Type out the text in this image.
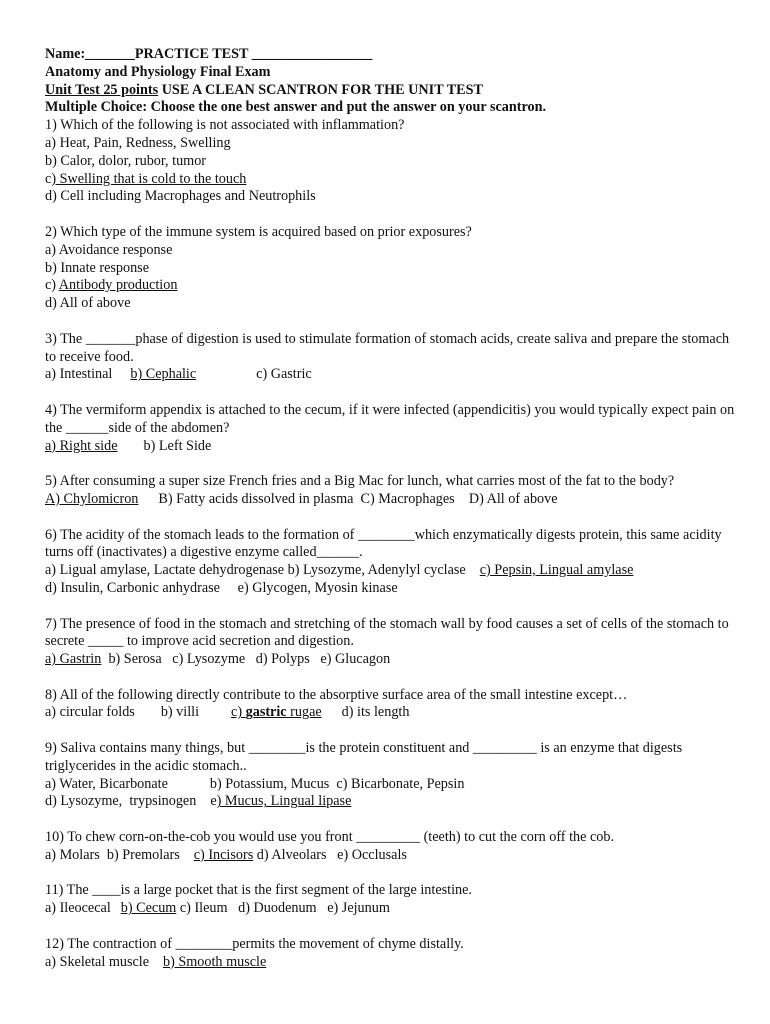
Name:_______PRACTICE TEST _________________
Anatomy and Physiology Final Exam
Unit Test 25 points USE A CLEAN SCANTRON FOR THE UNIT TEST
Multiple Choice: Choose the one best answer and put the answer on your scantron.
1) Which of the following is not associated with inflammation?
a) Heat, Pain, Redness, Swelling
b) Calor, dolor, rubor, tumor
c) Swelling that is cold to the touch
d) Cell including Macrophages and Neutrophils
2) Which type of the immune system is acquired based on prior exposures?
a) Avoidance response
b) Innate response
c) Antibody production
d) All of above
3) The _______phase of digestion is used to stimulate formation of stomach acids, create saliva and prepare the stomach to receive food.
a) Intestinal b) Cephalic	c) Gastric
4) The vermiform appendix is attached to the cecum, if it were infected (appendicitis) you would typically expect pain on the ______side of the abdomen?
a) Right side b) Left Side
5) After consuming a super size French fries and a Big Mac for lunch, what carries most of the fat to the body?
A) Chylomicron B) Fatty acids dissolved in plasma  C) Macrophages    D) All of above
6) The acidity of the stomach leads to the formation of ________which enzymatically digests protein, this same acidity turns off (inactivates) a digestive enzyme called______.
a) Ligual amylase, Lactate dehydrogenase b) Lysozyme, Adenylyl cyclase c) Pepsin, Lingual amylase
d) Insulin, Carbonic anhydrase     e) Glycogen, Myosin kinase
7) The presence of food in the stomach and stretching of the stomach wall by food causes a set of cells of the stomach to secrete _____ to improve acid secretion and digestion.
a) Gastrin  b) Serosa   c) Lysozyme   d) Polyps   e) Glucagon
8) All of the following directly contribute to the absorptive surface area of the small intestine except…
a) circular folds b) villi c) gastric rugae d) its length
9) Saliva contains many things, but ________is the protein constituent and _________ is an enzyme that digests triglycerides in the acidic stomach..
a) Water, Bicarbonate	b) Potassium, Mucus  c) Bicarbonate, Pepsin
d) Lysozyme,  trypsinogen e) Mucus, Lingual lipase
10) To chew corn-on-the-cob you would use you front _________ (teeth) to cut the corn off the cob.
a) Molars  b) Premolars c) Incisors d) Alveolars   e) Occlusals
11) The ____is a large pocket that is the first segment of the large intestine.
a) Ileocecal b) Cecum c) Ileum   d) Duodenum   e) Jejunum
12) The contraction of ________permits the movement of chyme distally.
a) Skeletal muscle b) Smooth muscle
